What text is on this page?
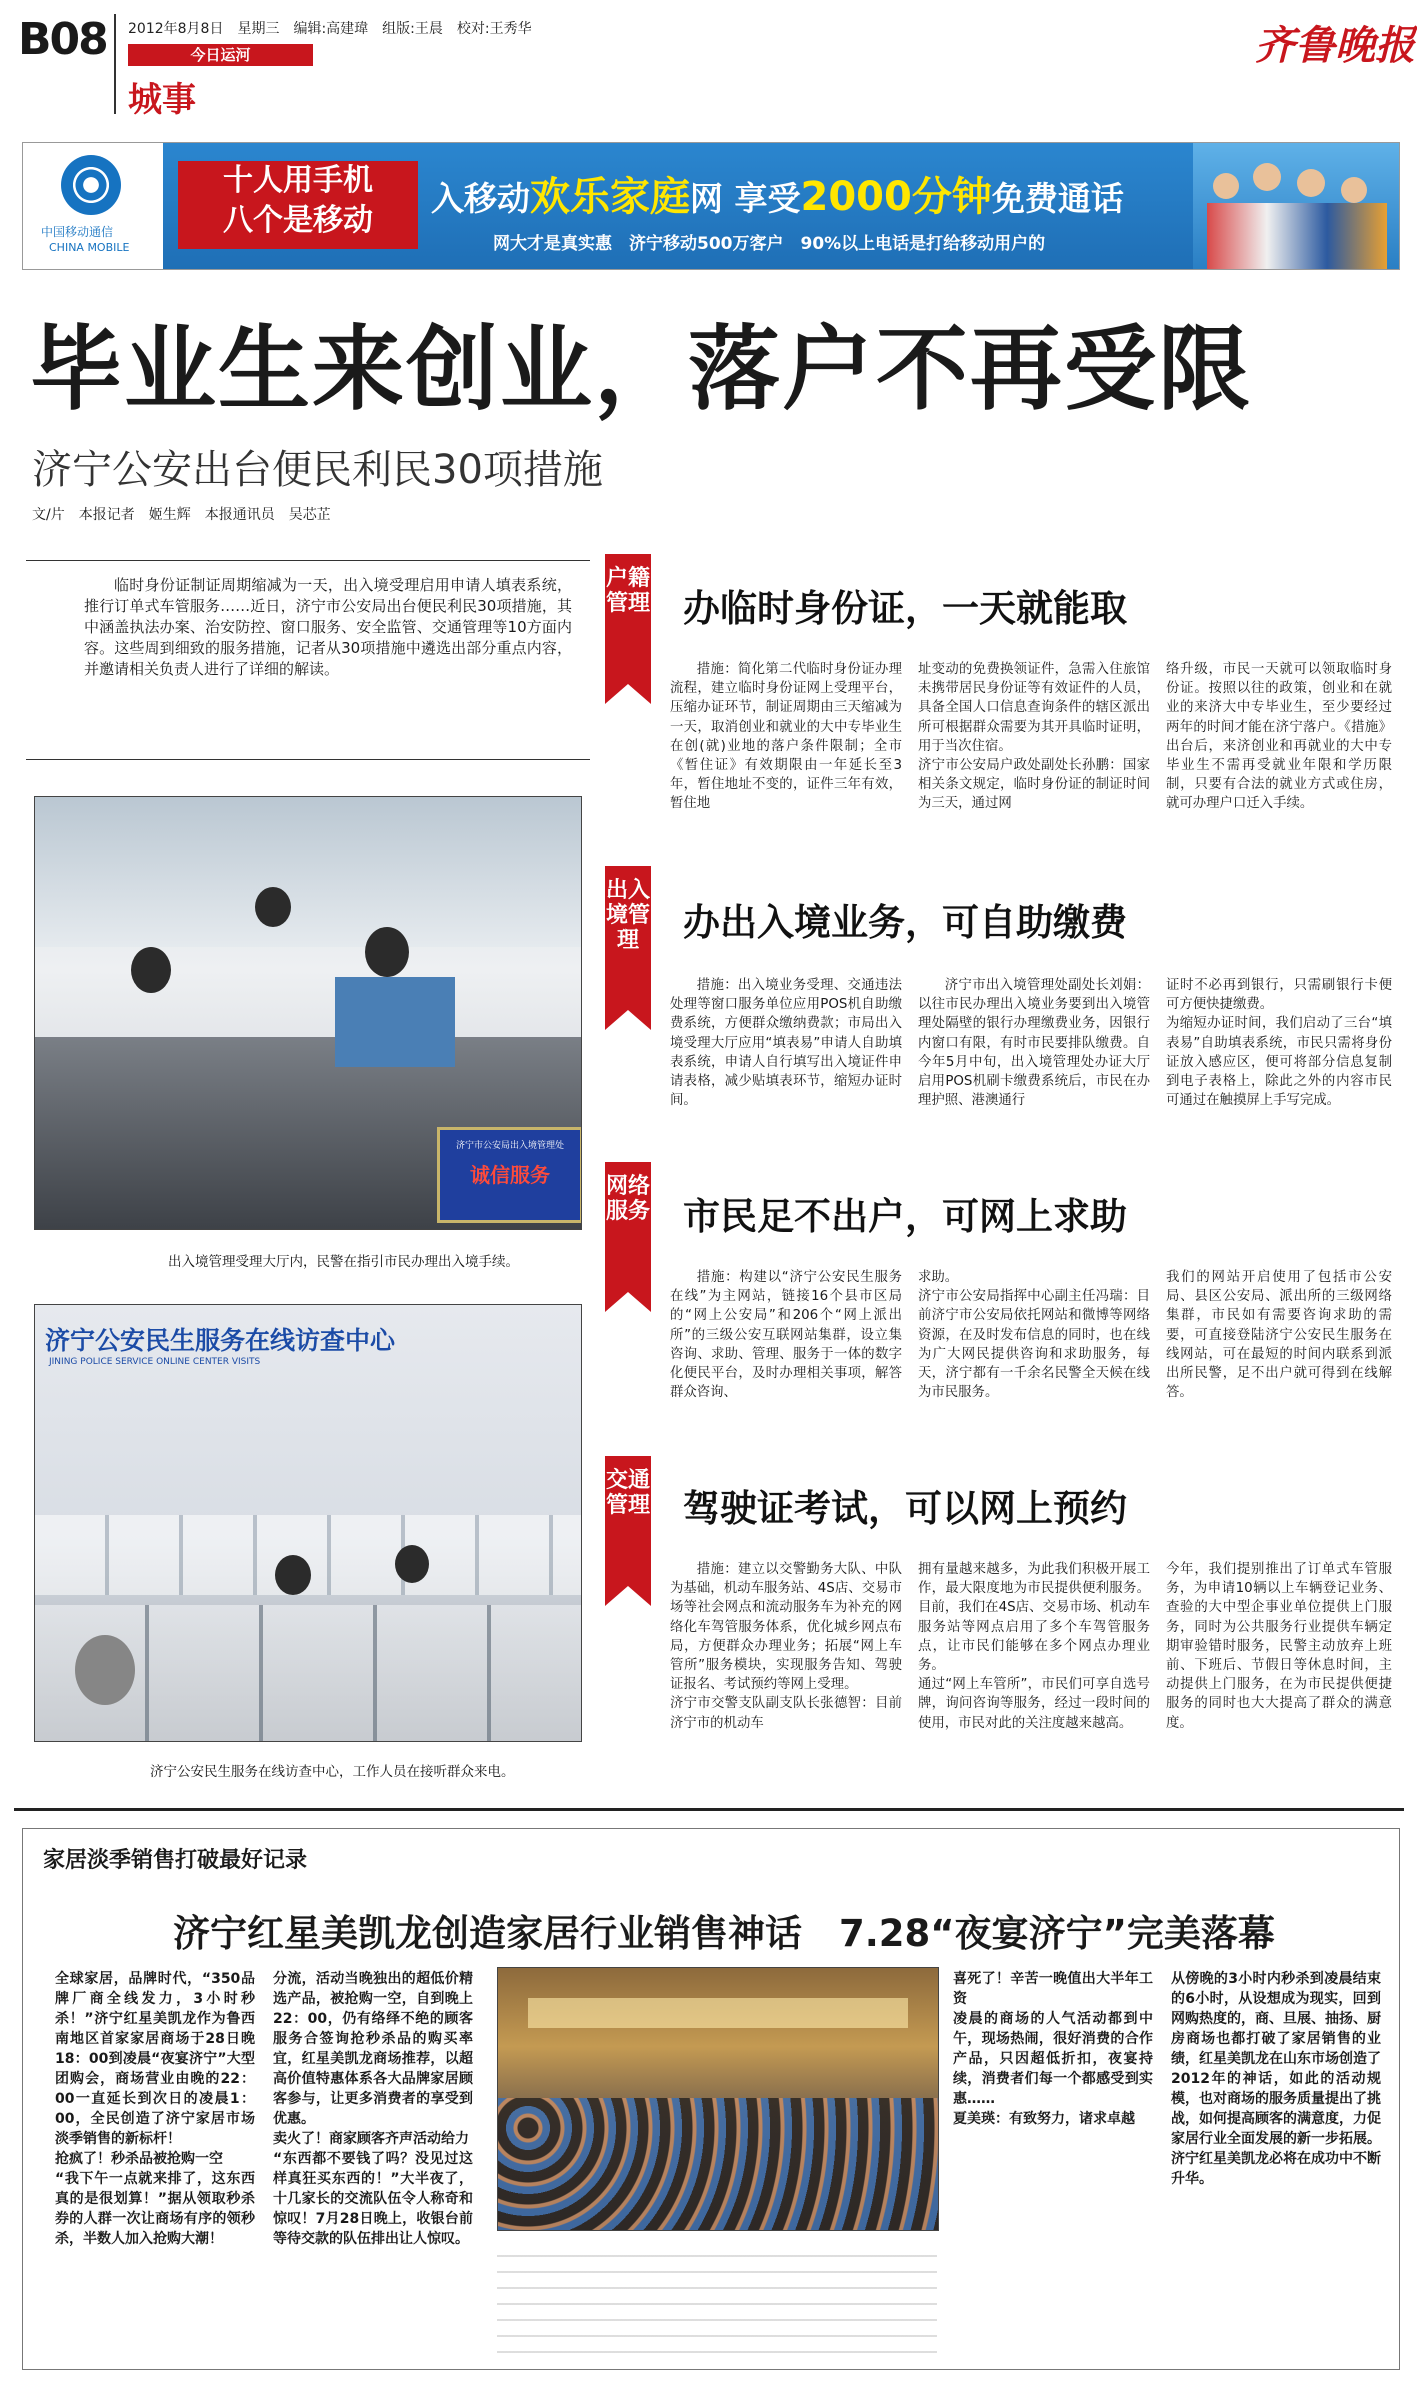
B08 2012年8月8日　星期三　编辑:高建瑋　组版:王晨　校对:王秀华
今日运河
城事
齐鲁晚报
中国移动通信
CHINA MOBILE
十人用手机
八个是移动
入移动欢乐家庭网 享受2000分钟免费通话
网大才是真实惠　济宁移动500万客户　90%以上电话是打给移动用户的
毕业生来创业，落户不再受限
济宁公安出台便民利民30项措施
文/片　本报记者　姬生辉　本报通讯员　吴芯芷
临时身份证制证周期缩减为一天，出入境受理启用申请人填表系统，推行订单式车管服务……近日，济宁市公安局出台便民利民30项措施，其中涵盖执法办案、治安防控、窗口服务、安全监管、交通管理等10方面内容。这些周到细致的服务措施，记者从30项措施中遴选出部分重点内容，并邀请相关负责人进行了详细的解读。
济宁市公安局出入境管理处
诚信服务
出入境管理受理大厅内，民警在指引市民办理出入境手续。
济宁公安民生服务在线访查中心
JINING POLICE SERVICE ONLINE CENTER VISITS
济宁公安民生服务在线访查中心，工作人员在接听群众来电。
户籍管理 办临时身份证，一天就能取
措施：简化第二代临时身份证办理流程，建立临时身份证网上受理平台，压缩办证环节，制证周期由三天缩减为一天，取消创业和就业的大中专毕业生在创(就)业地的落户条件限制；全市《暂住证》有效期限由一年延长至3年，暂住地址不变的，证件三年有效，暂住地
址变动的免费换领证件，急需入住旅馆未携带居民身份证等有效证件的人员，具备全国人口信息查询条件的辖区派出所可根据群众需要为其开具临时证明，用于当次住宿。
济宁市公安局户政处副处长孙鹏：国家相关条文规定，临时身份证的制证时间为三天，通过网
络升级，市民一天就可以领取临时身份证。按照以往的政策，创业和在就业的来济大中专毕业生，至少要经过两年的时间才能在济宁落户。《措施》出台后，来济创业和再就业的大中专毕业生不需再受就业年限和学历限制，只要有合法的就业方式或住房，就可办理户口迁入手续。
出入境管理	办出入境业务，可自助缴费
措施：出入境业务受理、交通违法处理等窗口服务单位应用POS机自助缴费系统，方便群众缴纳费款；市局出入境受理大厅应用“填表易”申请人自助填表系统，申请人自行填写出入境证件申请表格，减少贴填表环节，缩短办证时间。
济宁市出入境管理处副处长刘娟：以往市民办理出入境业务要到出入境管理处隔壁的银行办理缴费业务，因银行内窗口有限，有时市民要排队缴费。自今年5月中旬，出入境管理处办证大厅启用POS机刷卡缴费系统后，市民在办理护照、港澳通行
证时不必再到银行，只需刷银行卡便可方便快捷缴费。
为缩短办证时间，我们启动了三台“填表易”自助填表系统，市民只需将身份证放入感应区，便可将部分信息复制到电子表格上，除此之外的内容市民可通过在触摸屏上手写完成。
网络服务 市民足不出户，可网上求助
措施：构建以“济宁公安民生服务在线”为主网站，链接16个县市区局的“网上公安局”和206个“网上派出所”的三级公安互联网站集群，设立集咨询、求助、管理、服务于一体的数字化便民平台，及时办理相关事项，解答群众咨询、
求助。
济宁市公安局指挥中心副主任冯瑞：目前济宁市公安局依托网站和微博等网络资源，在及时发布信息的同时，也在线为广大网民提供咨询和求助服务，每天，济宁都有一千余名民警全天候在线为市民服务。
我们的网站开启使用了包括市公安局、县区公安局、派出所的三级网络集群，市民如有需要咨询求助的需要，可直接登陆济宁公安民生服务在线网站，可在最短的时间内联系到派出所民警，足不出户就可得到在线解答。
交通管理 驾驶证考试，可以网上预约
措施：建立以交警勤务大队、中队为基础，机动车服务站、4S店、交易市场等社会网点和流动服务车为补充的网络化车驾管服务体系，优化城乡网点布局，方便群众办理业务；拓展“网上车管所”服务模块，实现服务告知、驾驶证报名、考试预约等网上受理。
济宁市交警支队副支队长张德智：目前济宁市的机动车
拥有量越来越多，为此我们积极开展工作，最大限度地为市民提供便利服务。目前，我们在4S店、交易市场、机动车服务站等网点启用了多个车驾管服务点，让市民们能够在多个网点办理业务。
通过“网上车管所”，市民们可享自选号牌，询问咨询等服务，经过一段时间的使用，市民对此的关注度越来越高。
今年，我们提别推出了订单式车管服务，为申请10辆以上车辆登记业务、查验的大中型企事业单位提供上门服务，同时为公共服务行业提供车辆定期审验错时服务，民警主动放弃上班前、下班后、节假日等休息时间，主动提供上门服务，在为市民提供便捷服务的同时也大大提高了群众的满意度。
家居淡季销售打破最好记录
济宁红星美凯龙创造家居行业销售神话　7.28“夜宴济宁”完美落幕
全球家居，品牌时代，“350品牌厂商全线发力，3小时秒杀！”济宁红星美凯龙作为鲁西南地区首家家居商场于28日晚18：00到凌晨“夜宴济宁”大型团购会，商场营业由晚的22：00一直延长到次日的凌晨1：00，全民创造了济宁家居市场淡季销售的新标杆！
抢疯了！秒杀品被抢购一空
“我下午一点就来排了，这东西真的是很划算！”据从领取秒杀券的人群一次让商场有序的领秒杀，半数人加入抢购大潮！
分流，活动当晚独出的超低价精选产品，被抢购一空，自到晚上22：00，仍有络绎不绝的顾客服务合签询抢秒杀品的购买率宜，红星美凯龙商场推荐，以超高价值特惠体系各大品牌家居顾客参与，让更多消费者的享受到优惠。
卖火了！商家顾客齐声活动给力
“东西都不要钱了吗？没见过这样真狂买东西的！”大半夜了，十几家长的交流队伍令人称奇和惊叹！7月28日晚上，收银台前等待交款的队伍排出让人惊叹。
喜死了！辛苦一晚值出大半年工资
凌晨的商场的人气活动都到中午，现场热闹，很好消费的合作产品，只因超低折扣，夜宴持续，消费者们每一个都感受到实惠……
夏美瑛：有致努力，诸求卓越
从傍晚的3小时内秒杀到凌晨结束的6小时，从设想成为现实，回到网购热度的，商、旦展、抽扬、厨房商场也都打破了家居销售的业绩，红星美凯龙在山东市场创造了2012年的神话，如此的活动规模，也对商场的服务质量提出了挑战，如何提高顾客的满意度，力促家居行业全面发展的新一步拓展。济宁红星美凯龙必将在成功中不断升华。
